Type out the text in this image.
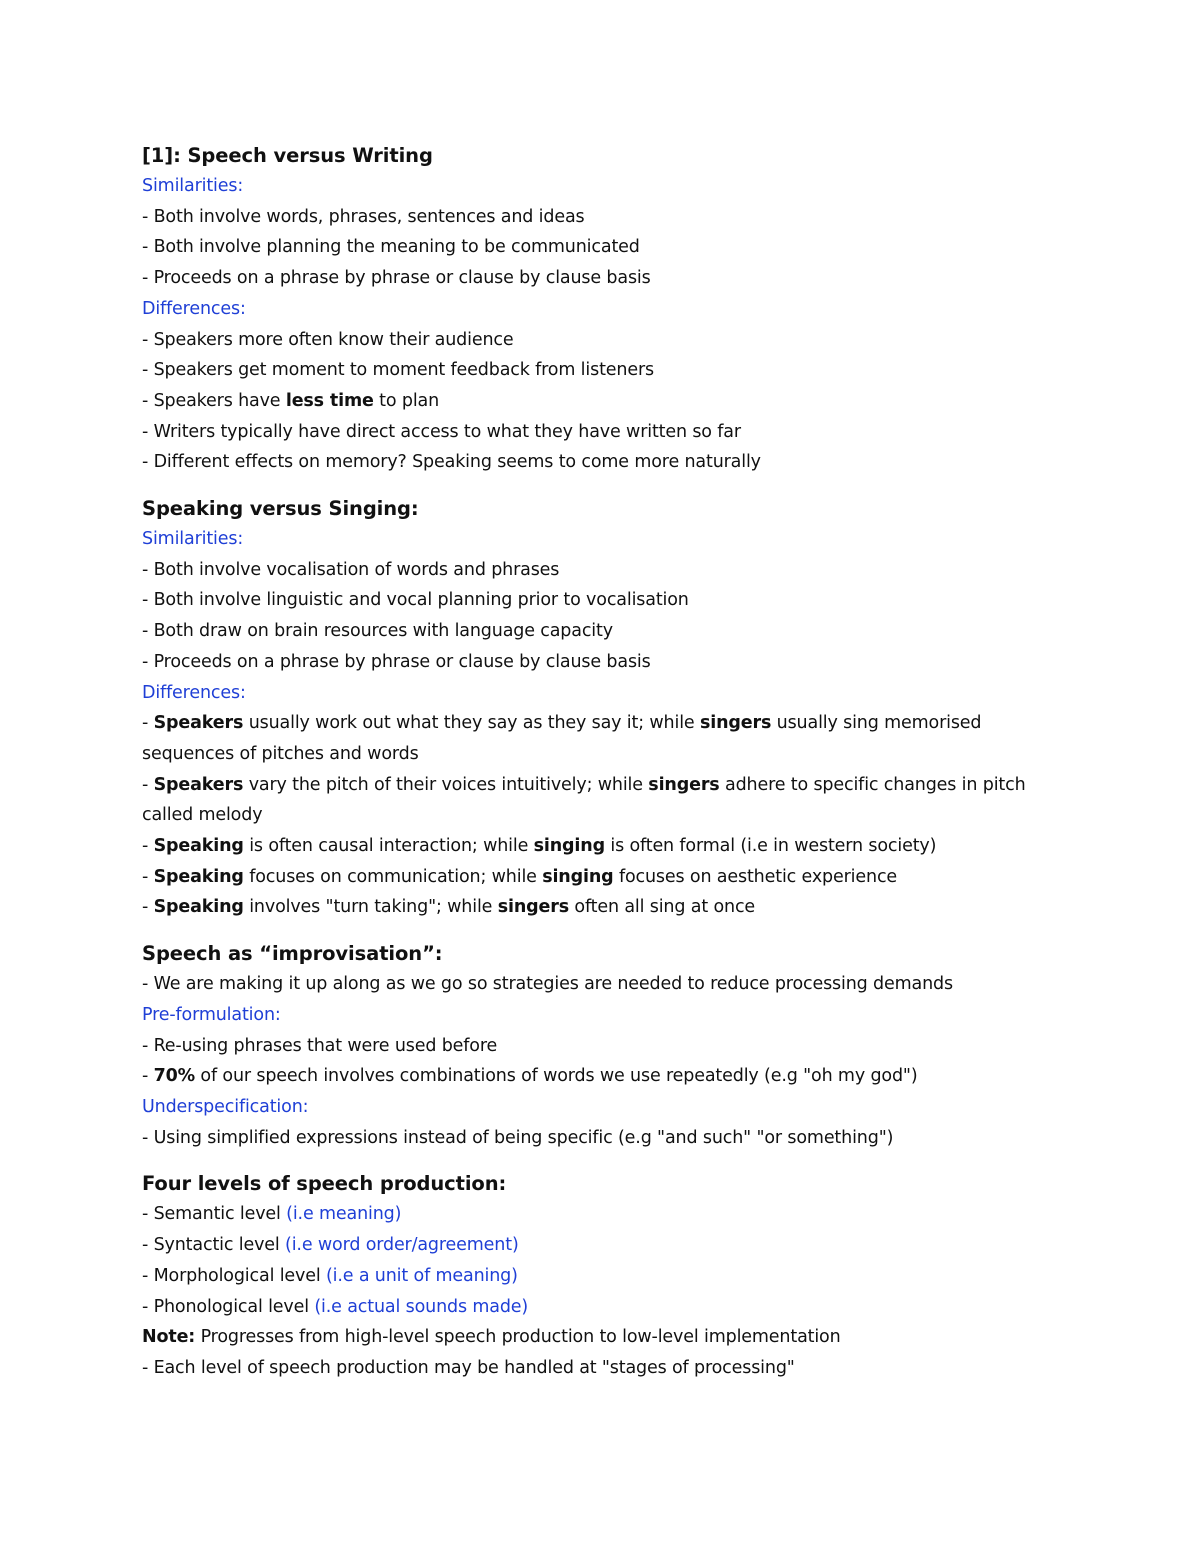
[1]: Speech versus Writing
Similarities:
- Both involve words, phrases, sentences and ideas
- Both involve planning the meaning to be communicated
- Proceeds on a phrase by phrase or clause by clause basis
Differences:
- Speakers more often know their audience
- Speakers get moment to moment feedback from listeners
- Speakers have less time to plan
- Writers typically have direct access to what they have written so far
- Different effects on memory? Speaking seems to come more naturally
Speaking versus Singing:
Similarities:
- Both involve vocalisation of words and phrases
- Both involve linguistic and vocal planning prior to vocalisation
- Both draw on brain resources with language capacity
- Proceeds on a phrase by phrase or clause by clause basis
Differences:
- Speakers usually work out what they say as they say it; while singers usually sing memorised
sequences of pitches and words
- Speakers vary the pitch of their voices intuitively; while singers adhere to specific changes in pitch
called melody
- Speaking is often causal interaction; while singing is often formal (i.e in western society)
- Speaking focuses on communication; while singing focuses on aesthetic experience
- Speaking involves "turn taking"; while singers often all sing at once
Speech as “improvisation”:
- We are making it up along as we go so strategies are needed to reduce processing demands
Pre-formulation:
- Re-using phrases that were used before
- 70% of our speech involves combinations of words we use repeatedly (e.g "oh my god")
Underspecification:
- Using simplified expressions instead of being specific (e.g "and such" "or something")
Four levels of speech production:
- Semantic level (i.e meaning)
- Syntactic level (i.e word order/agreement)
- Morphological level (i.e a unit of meaning)
- Phonological level (i.e actual sounds made)
Note: Progresses from high-level speech production to low-level implementation
- Each level of speech production may be handled at "stages of processing"
